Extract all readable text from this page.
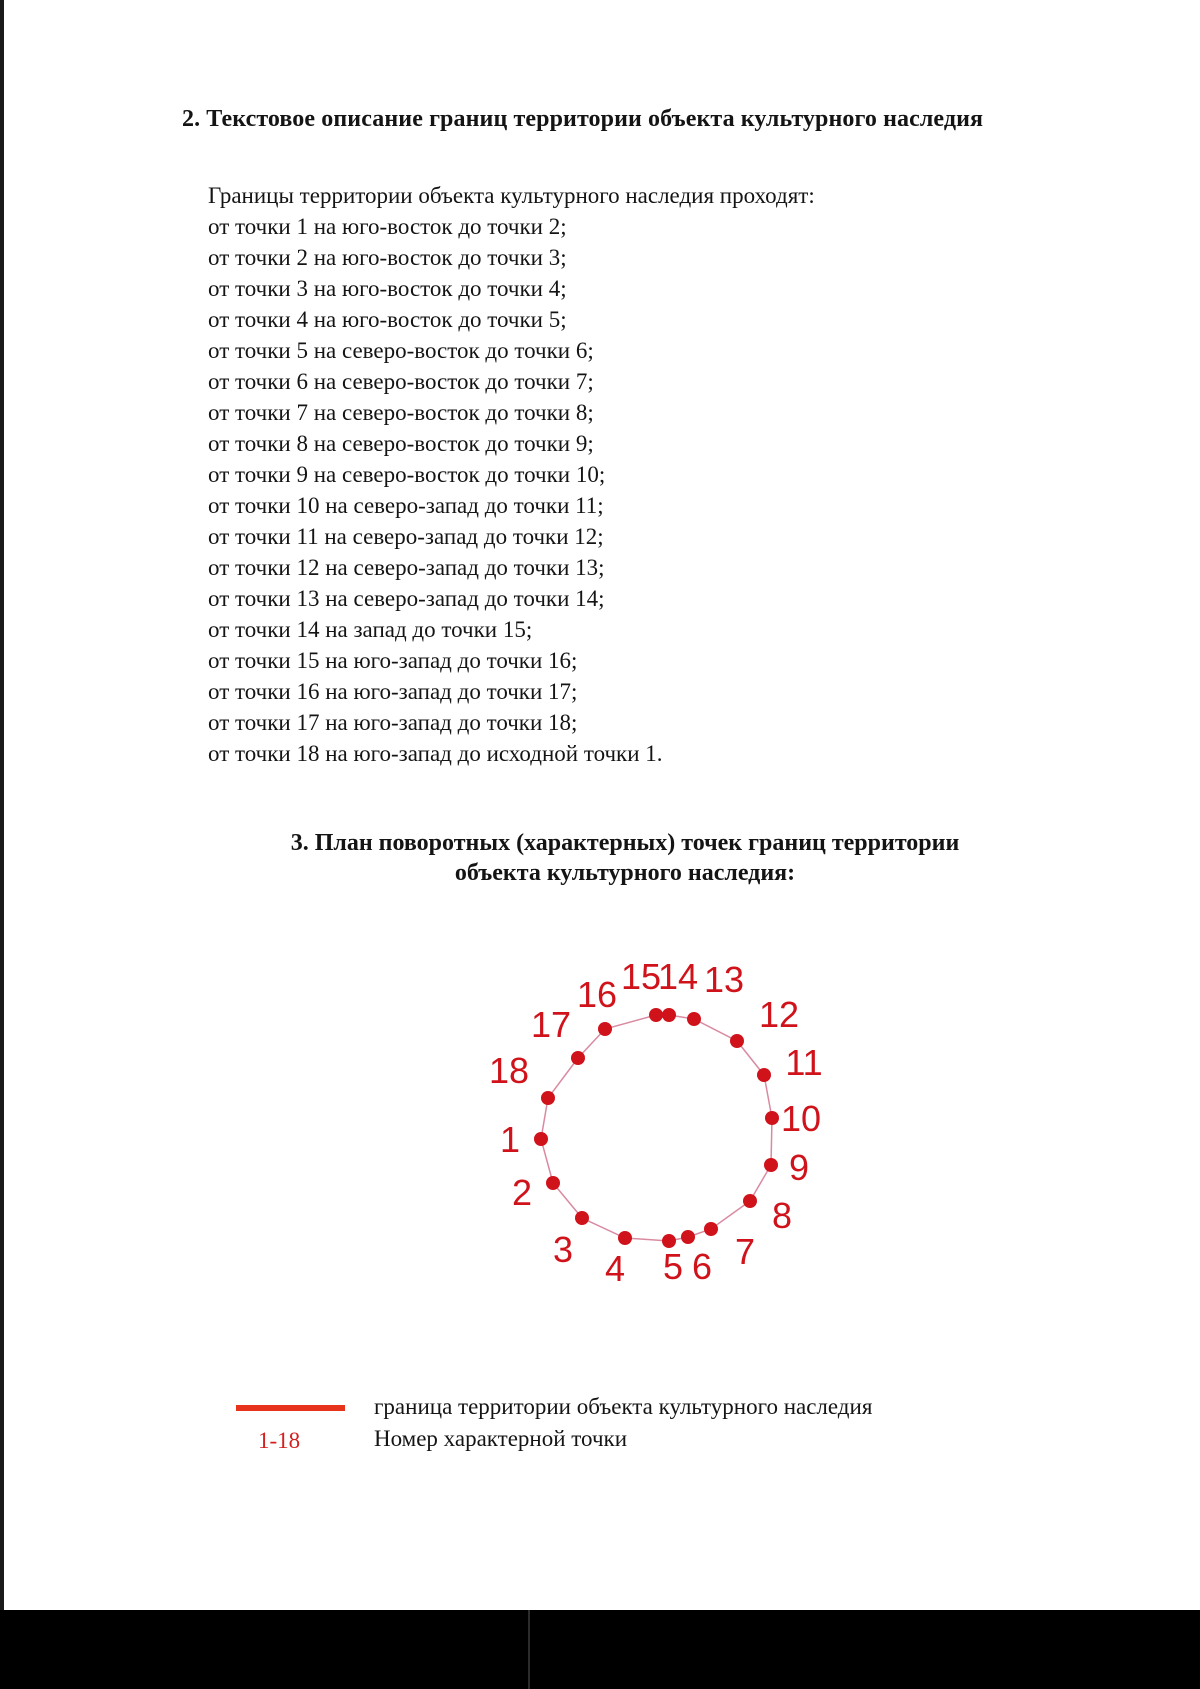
2. Текстовое описание границ территории объекта культурного наследия
Границы территории объекта культурного наследия проходят:
от точки 1 на юго-восток до точки 2;
от точки 2 на юго-восток до точки 3;
от точки 3 на юго-восток до точки 4;
от точки 4 на юго-восток до точки 5;
от точки 5 на северо-восток до точки 6;
от точки 6 на северо-восток до точки 7;
от точки 7 на северо-восток до точки 8;
от точки 8 на северо-восток до точки 9;
от точки 9 на северо-восток до точки 10;
от точки 10 на северо-запад до точки 11;
от точки 11 на северо-запад до точки 12;
от точки 12 на северо-запад до точки 13;
от точки 13 на северо-запад до точки 14;
от точки 14 на запад до точки 15;
от точки 15 на юго-запад до точки 16;
от точки 16 на юго-запад до точки 17;
от точки 17 на юго-запад до точки 18;
от точки 18 на юго-запад до исходной точки 1.
3. План поворотных (характерных) точек границ территории
объекта культурного наследия:
1
2
3 4 5 6 7
8
9
10
11
12
13
14
15
16
17
18
граница территории объекта культурного наследия
1-18	Номер характерной точки
